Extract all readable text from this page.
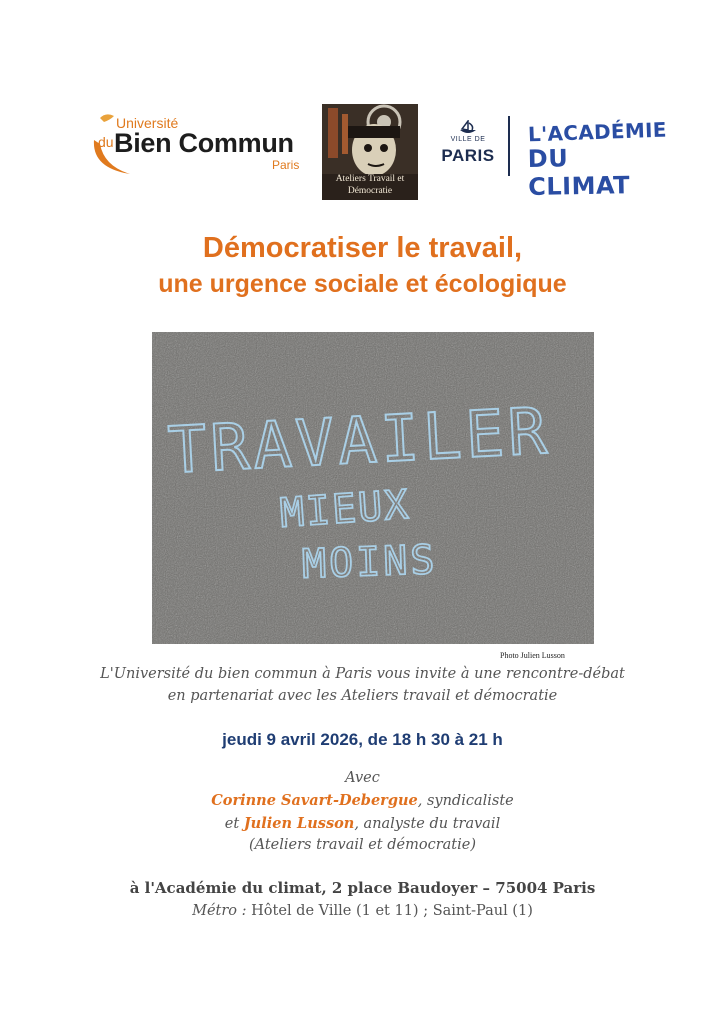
Université
du Bien Commun
Paris
Ateliers Travail et
Démocratie
VILLE DE
PARIS
L'ACADÉMIE
DU CLIMAT
Démocratiser le travail,
une urgence sociale et écologique
TRAVAILER
MIEUX
MOINS
Photo Julien Lusson
L'Université du bien commun à Paris vous invite à une rencontre-débat
en partenariat avec les Ateliers travail et démocratie
jeudi 9 avril 2026, de 18 h 30 à 21 h
Avec
Corinne Savart-Debergue, syndicaliste
et Julien Lusson, analyste du travail
(Ateliers travail et démocratie)
à l'Académie du climat, 2 place Baudoyer – 75004 Paris
Métro : Hôtel de Ville (1 et 11) ; Saint-Paul (1)
